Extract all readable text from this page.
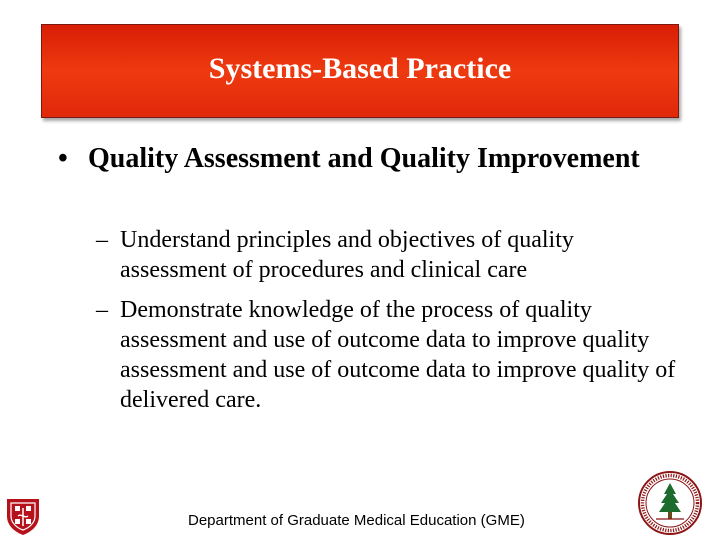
Systems-Based Practice
• Quality Assessment and Quality Improvement
– Understand principles and objectives of quality assessment of procedures and clinical care
– Demonstrate knowledge of the process of quality assessment and use of outcome data to improve quality assessment and use of outcome data to improve quality of delivered care.
Department of Graduate Medical Education (GME)
